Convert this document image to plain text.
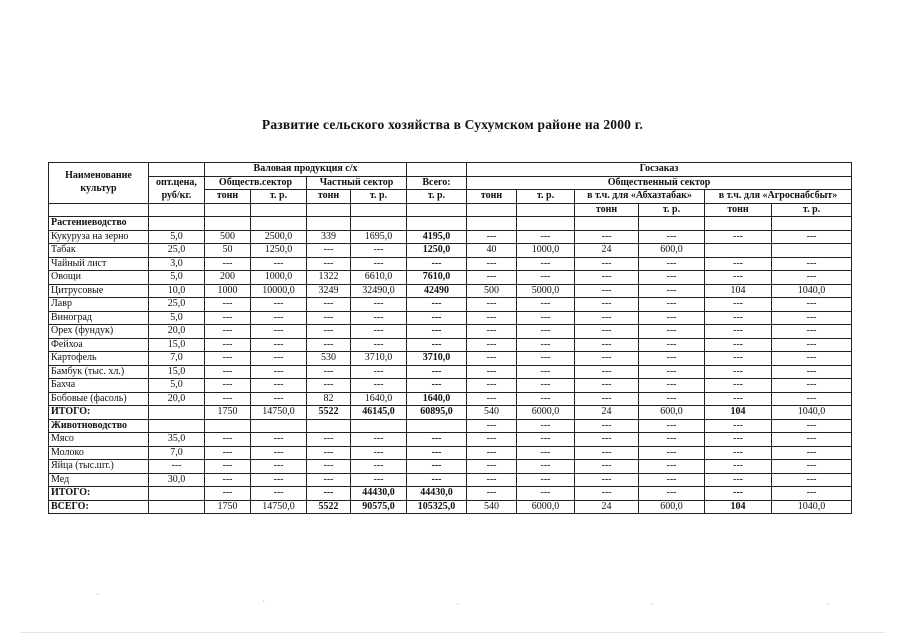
Развитие сельского хозяйства в Сухумском районе на 2000 г.
Наименование культур		Валовая продукция с/х					Госзаказ					
	опт.цена, руб/кг.	Обществ.сектор		Частный сектор		Всего:	Общественный сектор					
		тонн	т. р.	тонн	т. р.	т. р.	тонн	т. р.	в т.ч. для «Абхазтабак»		в т.ч. для «Агроснабсбыт»	
									тонн	т. р.	тонн	т. р.
Растениеводство												
Кукуруза на зерно	5,0	500	2500,0	339	1695,0	4195,0	---	---	---	---	---	---
Табак	25,0	50	1250,0	---	---	1250,0	40	1000,0	24	600,0		
Чайный лист	3,0	---	---	---	---	---	---	---	---	---	---	---
Овощи	5,0	200	1000,0	1322	6610,0	7610,0	---	---	---	---	---	---
Цитрусовые	10,0	1000	10000,0	3249	32490,0	42490	500	5000,0	---	---	104	1040,0
Лавр	25,0	---	---	---	---	---	---	---	---	---	---	---
Виноград	5,0	---	---	---	---	---	---	---	---	---	---	---
Орех (фундук)	20,0	---	---	---	---	---	---	---	---	---	---	---
Фейхоа	15,0	---	---	---	---	---	---	---	---	---	---	---
Картофель	7,0	---	---	530	3710,0	3710,0	---	---	---	---	---	---
Бамбук (тыс. хл.)	15,0	---	---	---	---	---	---	---	---	---	---	---
Бахча	5,0	---	---	---	---	---	---	---	---	---	---	---
Бобовые (фасоль)	20,0	---	---	82	1640,0	1640,0	---	---	---	---	---	---
ИТОГО:		1750	14750,0	5522	46145,0	60895,0	540	6000,0	24	600,0	104	1040,0
Животноводство							---	---	---	---	---	---
Мясо	35,0	---	---	---	---	---	---	---	---	---	---	---
Молоко	7,0	---	---	---	---	---	---	---	---	---	---	---
Яйца (тыс.шт.)	---	---	---	---	---	---	---	---	---	---	---	---
Мед	30,0	---	---	---	---	---	---	---	---	---	---	---
ИТОГО:		---	---	---	44430,0	44430,0	---	---	---	---	---	---
ВСЕГО:		1750	14750,0	5522	90575,0	105325,0	540	6000,0	24	600,0	104	1040,0
·
·	·	·	·
